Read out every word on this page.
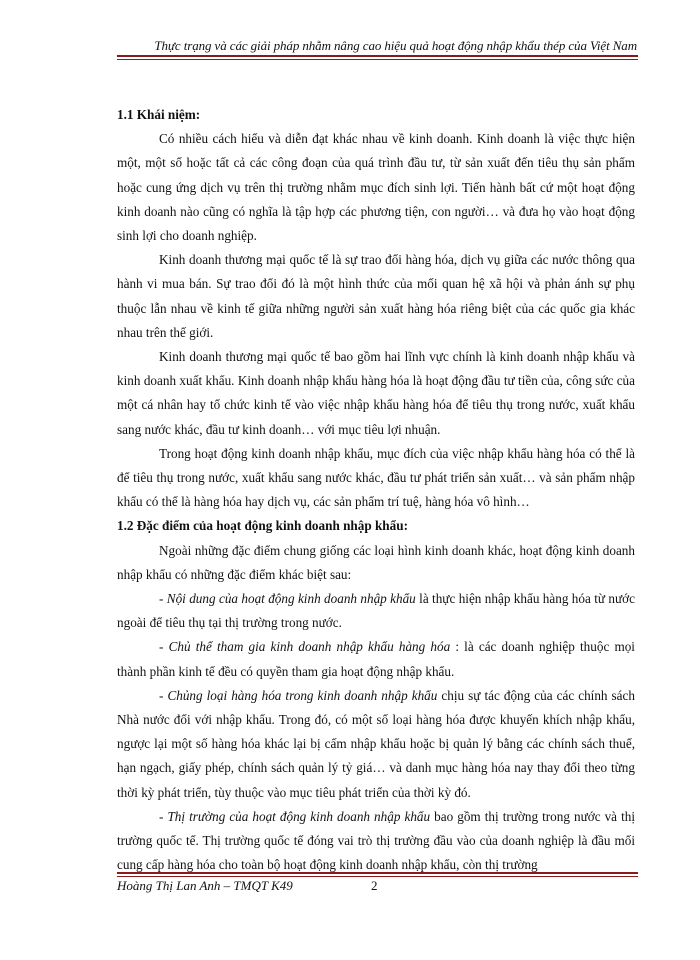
Thực trạng và các giải pháp nhằm nâng cao hiệu quả hoạt động nhập khẩu thép của Việt Nam

1.1 Khái niệm:

Có nhiều cách hiểu và diễn đạt khác nhau về kinh doanh. Kinh doanh là việc thực hiện một, một số hoặc tất cả các công đoạn của quá trình đầu tư, từ sản xuất đến tiêu thụ sản phẩm hoặc cung ứng dịch vụ trên thị trường nhằm mục đích sinh lợi. Tiến hành bất cứ một hoạt động kinh doanh nào cũng có nghĩa là tập hợp các phương tiện, con người… và đưa họ vào hoạt động sinh lợi cho doanh nghiệp.

Kinh doanh thương mại quốc tế là sự trao đổi hàng hóa, dịch vụ giữa các nước thông qua hành vi mua bán. Sự trao đổi đó là một hình thức của mối quan hệ xã hội và phản ánh sự phụ thuộc lẫn nhau về kinh tế giữa những người sản xuất hàng hóa riêng biệt của các quốc gia khác nhau trên thế giới.

Kinh doanh thương mại quốc tế bao gồm hai lĩnh vực chính là kinh doanh nhập khẩu và kinh doanh xuất khẩu. Kinh doanh nhập khẩu hàng hóa là hoạt động đầu tư tiền của, công sức của một cá nhân hay tổ chức kinh tế vào việc nhập khẩu hàng hóa để tiêu thụ trong nước, xuất khẩu sang nước khác, đầu tư kinh doanh… với mục tiêu lợi nhuận.

Trong hoạt động kinh doanh nhập khẩu, mục đích của việc nhập khẩu hàng hóa có thể là để tiêu thụ trong nước, xuất khẩu sang nước khác, đầu tư phát triển sản xuất… và sản phẩm nhập khẩu có thể là hàng hóa hay dịch vụ, các sản phẩm trí tuệ, hàng hóa vô hình…

1.2 Đặc điểm của hoạt động kinh doanh nhập khẩu:

Ngoài những đặc điểm chung giống các loại hình kinh doanh khác, hoạt động kinh doanh nhập khẩu có những đặc điểm khác biệt sau:

- Nội dung của hoạt động kinh doanh nhập khẩu là thực hiện nhập khẩu hàng hóa từ nước ngoài để tiêu thụ tại thị trường trong nước.

- Chủ thể tham gia kinh doanh nhập khẩu hàng hóa : là các doanh nghiệp thuộc mọi thành phần kinh tế đều có quyền tham gia hoạt động nhập khẩu.

- Chủng loại hàng hóa trong kinh doanh nhập khẩu chịu sự tác động của các chính sách Nhà nước đối với nhập khẩu. Trong đó, có một số loại hàng hóa được khuyến khích nhập khẩu, ngược lại một số hàng hóa khác lại bị cấm nhập khẩu hoặc bị quản lý bằng các chính sách thuế, hạn ngạch, giấy phép, chính sách quản lý tỷ giá… và danh mục hàng hóa nay thay đổi theo từng thời kỳ phát triển, tùy thuộc vào mục tiêu phát triển của thời kỳ đó.

- Thị trường của hoạt động kinh doanh nhập khẩu bao gồm thị trường trong nước và thị trường quốc tế. Thị trường quốc tế đóng vai trò thị trường đầu vào của doanh nghiệp là đầu mối cung cấp hàng hóa cho toàn bộ hoạt động kinh doanh nhập khẩu, còn thị trường

Hoàng Thị Lan Anh – TMQT K49	2
